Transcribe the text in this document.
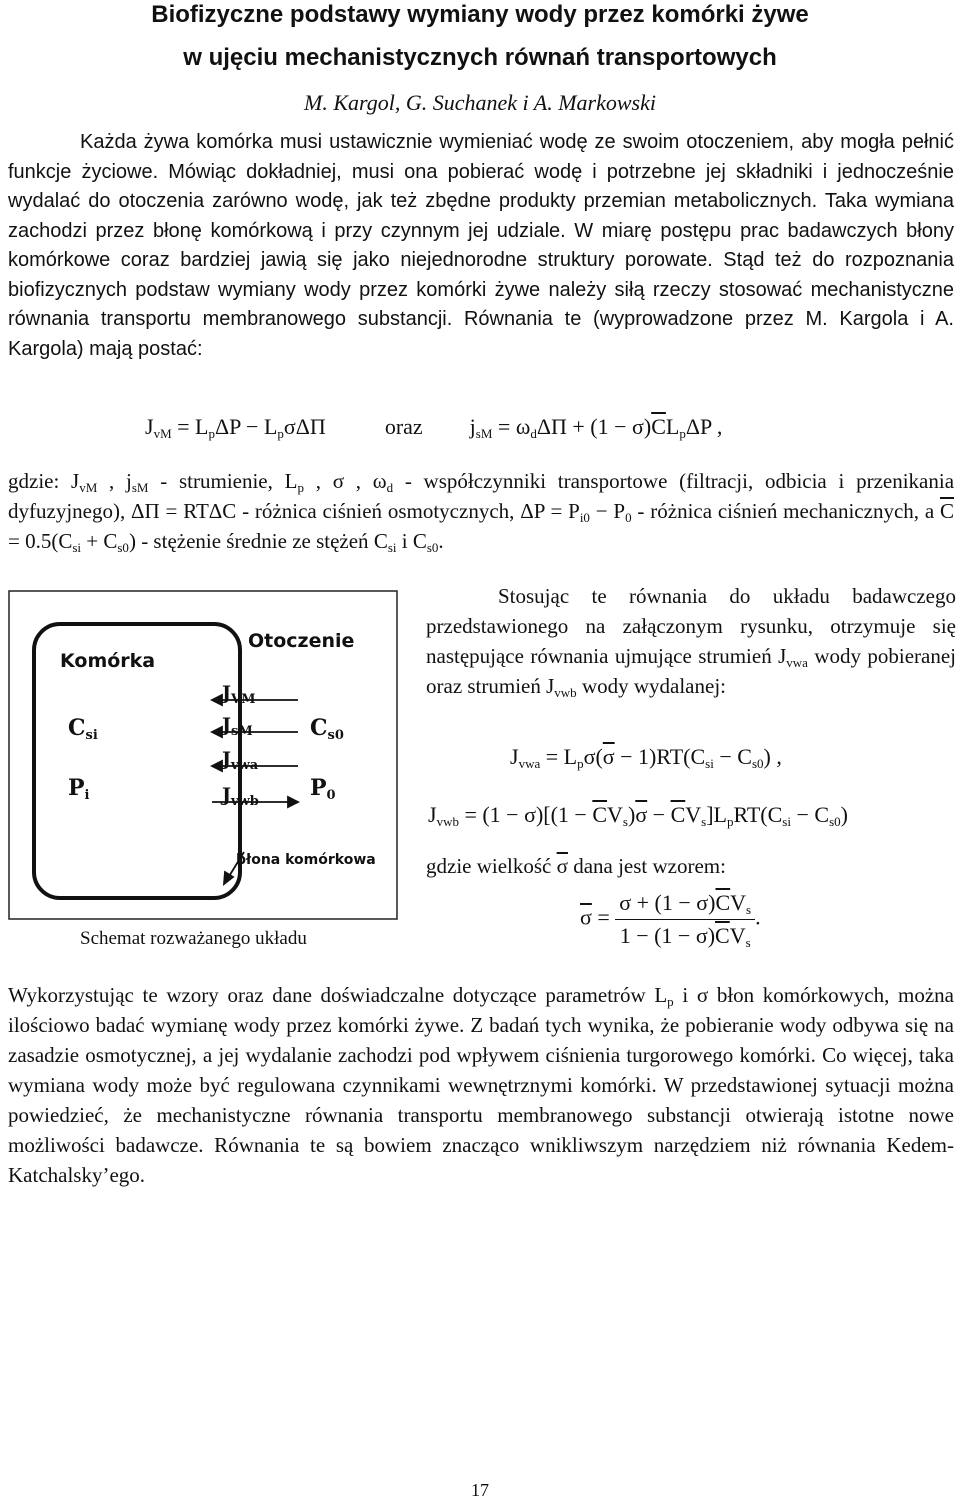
Biofizyczne podstawy wymiany wody przez komórki żywe
w ujęciu mechanistycznych równań transportowych
M. Kargol, G. Suchanek i A. Markowski

Każda żywa komórka musi ustawicznie wymieniać wodę ze swoim otoczeniem, aby mogła pełnić funkcje życiowe. Mówiąc dokładniej, musi ona pobierać wodę i potrzebne jej składniki i jednocześnie wydalać do otoczenia zarówno wodę, jak też zbędne produkty przemian metabolicznych. Taka wymiana zachodzi przez błonę komórkową i przy czynnym jej udziale. W miarę postępu prac badawczych błony komórkowe coraz bardziej jawią się jako niejednorodne struktury porowate. Stąd też do rozpoznania biofizycznych podstaw wymiany wody przez komórki żywe należy siłą rzeczy stosować mechanistyczne równania transportu membranowego substancji. Równania te (wyprowadzone przez M. Kargola i A. Kargola) mają postać:

$J_{vM} = L_p\Delta P - L_p\sigma\Delta\Pi$  oraz  $j_{sM} = \omega_d\Delta\Pi + (1 - \sigma)\overline{C}L_p\Delta P$ ,
gdzie: $J_{vM}$ , $j_{sM}$ - strumienie, $L_p$ , σ , $\omega_d$ - współczynniki transportowe (filtracji, odbicia i przenikania dyfuzyjnego), ΔΠ = RTΔC - różnica ciśnień osmotycznych, $\Delta P = P_{i0} - P_0$ - różnica ciśnień mechanicznych, a $\overline{C} = 0.5(C_{si} + C_{s0})$ - stężenie średnie ze stężeń $C_{si}$ i $C_{s0}$.
Komórka
Otoczenie
$C_{si}$
$P_i$
$C_{s0}$
$P_0$
$J_{VM}$
$J_{sM}$
$J_{vwa}$
$J_{vwb}$
błona komórkowa
Schemat rozważanego układu
Stosując te równania do układu badawczego przedstawionego na załączonym rysunku, otrzymuje się następujące równania ujmujące strumień $J_{vwa}$ wody pobieranej oraz strumień $J_{vwb}$ wody wydalanej:
$J_{vwa} = L_p\sigma(\overline{\sigma} - 1)RT(C_{si} - C_{s0})$ ,
$J_{vwb} = (1 - \sigma)[(1 - \overline{C}V_s)\overline{\sigma} - \overline{C}V_s]L_pRT(C_{si} - C_{s0})$
gdzie wielkość $\overline{\sigma}$ dana jest wzorem:
$\overline{\sigma} = \frac{\sigma + (1 - \sigma)\overline{C}V_s}{1 - (1 - \sigma)\overline{C}V_s}$ .
Wykorzystując te wzory oraz dane doświadczalne dotyczące parametrów $L_p$ i σ błon komórkowych, można ilościowo badać wymianę wody przez komórki żywe. Z badań tych wynika, że pobieranie wody odbywa się na zasadzie osmotycznej, a jej wydalanie zachodzi pod wpływem ciśnienia turgorowego komórki. Co więcej, taka wymiana wody może być regulowana czynnikami wewnętrznymi komórki. W przedstawionej sytuacji można powiedzieć, że mechanistyczne równania transportu membranowego substancji otwierają istotne nowe możliwości badawcze. Równania te są bowiem znacząco wnikliwszym narzędziem niż równania Kedem-Katchalsky’ego.
17
